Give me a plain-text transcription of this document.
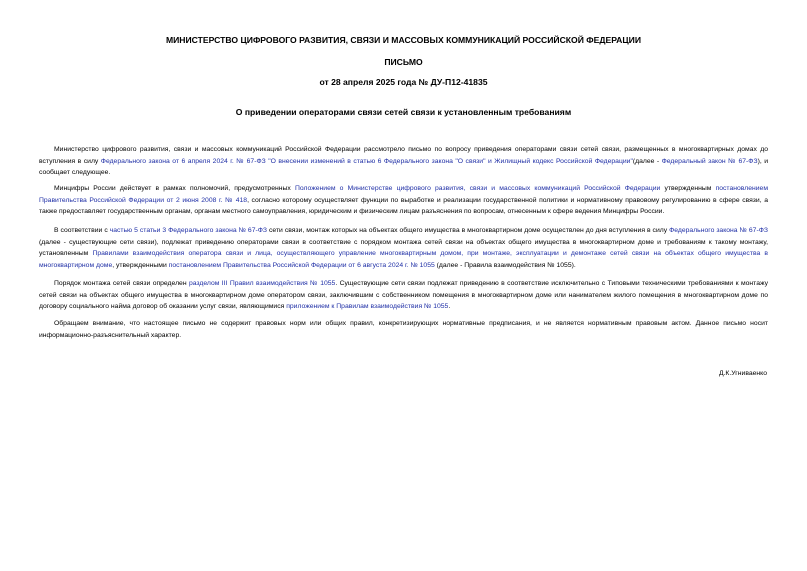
МИНИСТЕРСТВО ЦИФРОВОГО РАЗВИТИЯ, СВЯЗИ И МАССОВЫХ КОММУНИКАЦИЙ РОССИЙСКОЙ ФЕДЕРАЦИИ
ПИСЬМО
от 28 апреля 2025 года № ДУ-П12-41835
О приведении операторами связи сетей связи к установленным требованиям

Министерство цифрового развития, связи и массовых коммуникаций Российской Федерации рассмотрело письмо по вопросу приведения операторами связи сетей связи, размещенных в многоквартирных домах до вступления в силу Федерального закона от 6 апреля 2024 г. № 67-ФЗ "О внесении изменений в статью 6 Федерального закона "О связи" и Жилищный кодекс Российской Федерации"(далее - Федеральный закон № 67-ФЗ), и сообщает следующее.

Минцифры России действует в рамках полномочий, предусмотренных Положением о Министерстве цифрового развития, связи и массовых коммуникаций Российской Федерации утвержденным постановлением Правительства Российской Федерации от 2 июня 2008 г. № 418, согласно которому осуществляет функции по выработке и реализации государственной политики и нормативному правовому регулированию в сфере связи, а также предоставляет государственным органам, органам местного самоуправления, юридическим и физическим лицам разъяснения по вопросам, отнесенным к сфере ведения Минцифры России.

В соответствии с частью 5 статьи 3 Федерального закона № 67-ФЗ сети связи, монтаж которых на объектах общего имущества в многоквартирном доме осуществлен до дня вступления в силу Федерального закона № 67-ФЗ (далее - существующие сети связи), подлежат приведению операторами связи в соответствие с порядком монтажа сетей связи на объектах общего имущества в многоквартирном доме и требованиям к такому монтажу, установленным Правилами взаимодействия оператора связи и лица, осуществляющего управление многоквартирным домом, при монтаже, эксплуатации и демонтаже сетей связи на объектах общего имущества в многоквартирном доме, утвержденными постановлением Правительства Российской Федерации от 6 августа 2024 г. № 1055 (далее - Правила взаимодействия № 1055).

Порядок монтажа сетей связи определен разделом III Правил взаимодействия № 1055. Существующие сети связи подлежат приведению в соответствие исключительно с Типовыми техническими требованиями к монтажу сетей связи на объектах общего имущества в многоквартирном доме оператором связи, заключившим с собственником помещения в многоквартирном доме или нанимателем жилого помещения в многоквартирном доме по договору социального найма договор об оказании услуг связи, являющимися приложением к Правилам взаимодействия № 1055.

Обращаем внимание, что настоящее письмо не содержит правовых норм или общих правил, конкретизирующих нормативные предписания, и не является нормативным правовым актом. Данное письмо носит информационно-разъяснительный характер.

Д.К.Угниваенко
